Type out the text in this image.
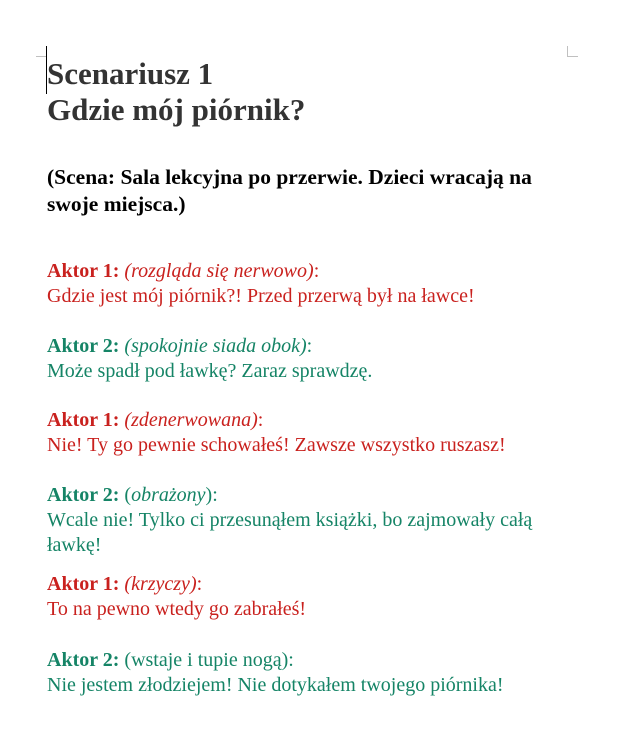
Scenariusz 1
Gdzie mój piórnik?

(Scena: Sala lekcyjna po przerwie. Dzieci wracają na swoje miejsca.)

Aktor 1: (rozgląda się nerwowo):
Gdzie jest mój piórnik?! Przed przerwą był na ławce!
Aktor 2: (spokojnie siada obok):
Może spadł pod ławkę? Zaraz sprawdzę.
Aktor 1: (zdenerwowana):
Nie! Ty go pewnie schowałeś! Zawsze wszystko ruszasz!
Aktor 2: (obrażony):
Wcale nie! Tylko ci przesunąłem książki, bo zajmowały całą ławkę!
Aktor 1: (krzyczy):
To na pewno wtedy go zabrałeś!
Aktor 2: (wstaje i tupie nogą):
Nie jestem złodziejem! Nie dotykałem twojego piórnika!
